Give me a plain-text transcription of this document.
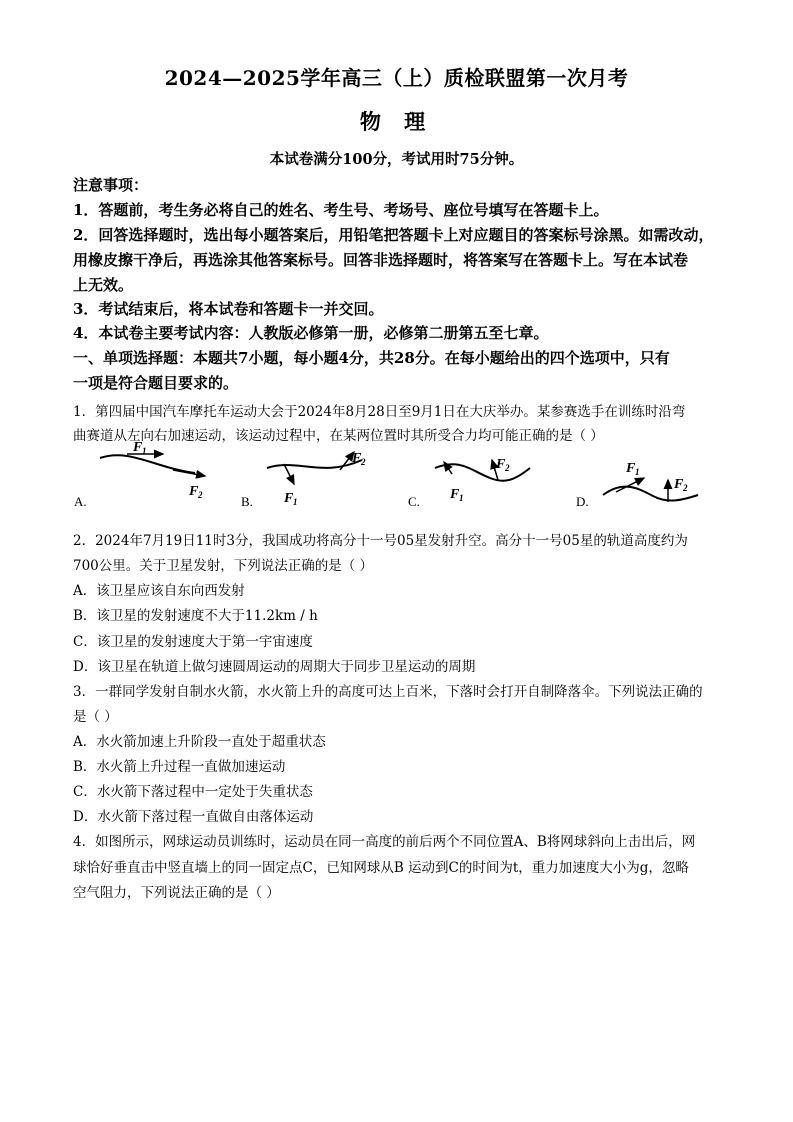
2024—2025学年高三（上）质检联盟第一次月考
物 理
本试卷满分100分，考试用时75分钟。
注意事项：
1．答题前，考生务必将自己的姓名、考生号、考场号、座位号填写在答题卡上。
2．回答选择题时，选出每小题答案后，用铅笔把答题卡上对应题目的答案标号涂黑。如需改动，
用橡皮擦干净后，再选涂其他答案标号。回答非选择题时，将答案写在答题卡上。写在本试卷
上无效。
3．考试结束后，将本试卷和答题卡一并交回。
4．本试卷主要考试内容：人教版必修第一册，必修第二册第五至七章。
一、单项选择题：本题共7小题，每小题4分，共28分。在每小题给出的四个选项中，只有
一项是符合题目要求的。
1．第四届中国汽车摩托车运动大会于2024年8月28日至9月1日在大庆举办。某参赛选手在训练时沿弯
曲赛道从左向右加速运动，该运动过程中，在某两位置时其所受合力均可能正确的是（ ）
F 1
F 2
A.	F 1
F 2
B.	F 1
F 2
C.
F 1
F 2
D.
2．2024年7月19日11时3分，我国成功将高分十一号05星发射升空。高分十一号05星的轨道高度约为
700公里。关于卫星发射，下列说法正确的是（ ）
A．该卫星应该自东向西发射
B．该卫星的发射速度不大于11.2km / h
C．该卫星的发射速度大于第一宇宙速度
D．该卫星在轨道上做匀速圆周运动的周期大于同步卫星运动的周期
3．一群同学发射自制水火箭，水火箭上升的高度可达上百米，下落时会打开自制降落伞。下列说法正确的
是（ ）
A．水火箭加速上升阶段一直处于超重状态
B．水火箭上升过程一直做加速运动
C．水火箭下落过程中一定处于失重状态
D．水火箭下落过程一直做自由落体运动
4．如图所示，网球运动员训练时，运动员在同一高度的前后两个不同位置A、B将网球斜向上击出后，网
球恰好垂直击中竖直墙上的同一固定点C，已知网球从B 运动到C的时间为t，重力加速度大小为g，忽略
空气阻力，下列说法正确的是（ ）
